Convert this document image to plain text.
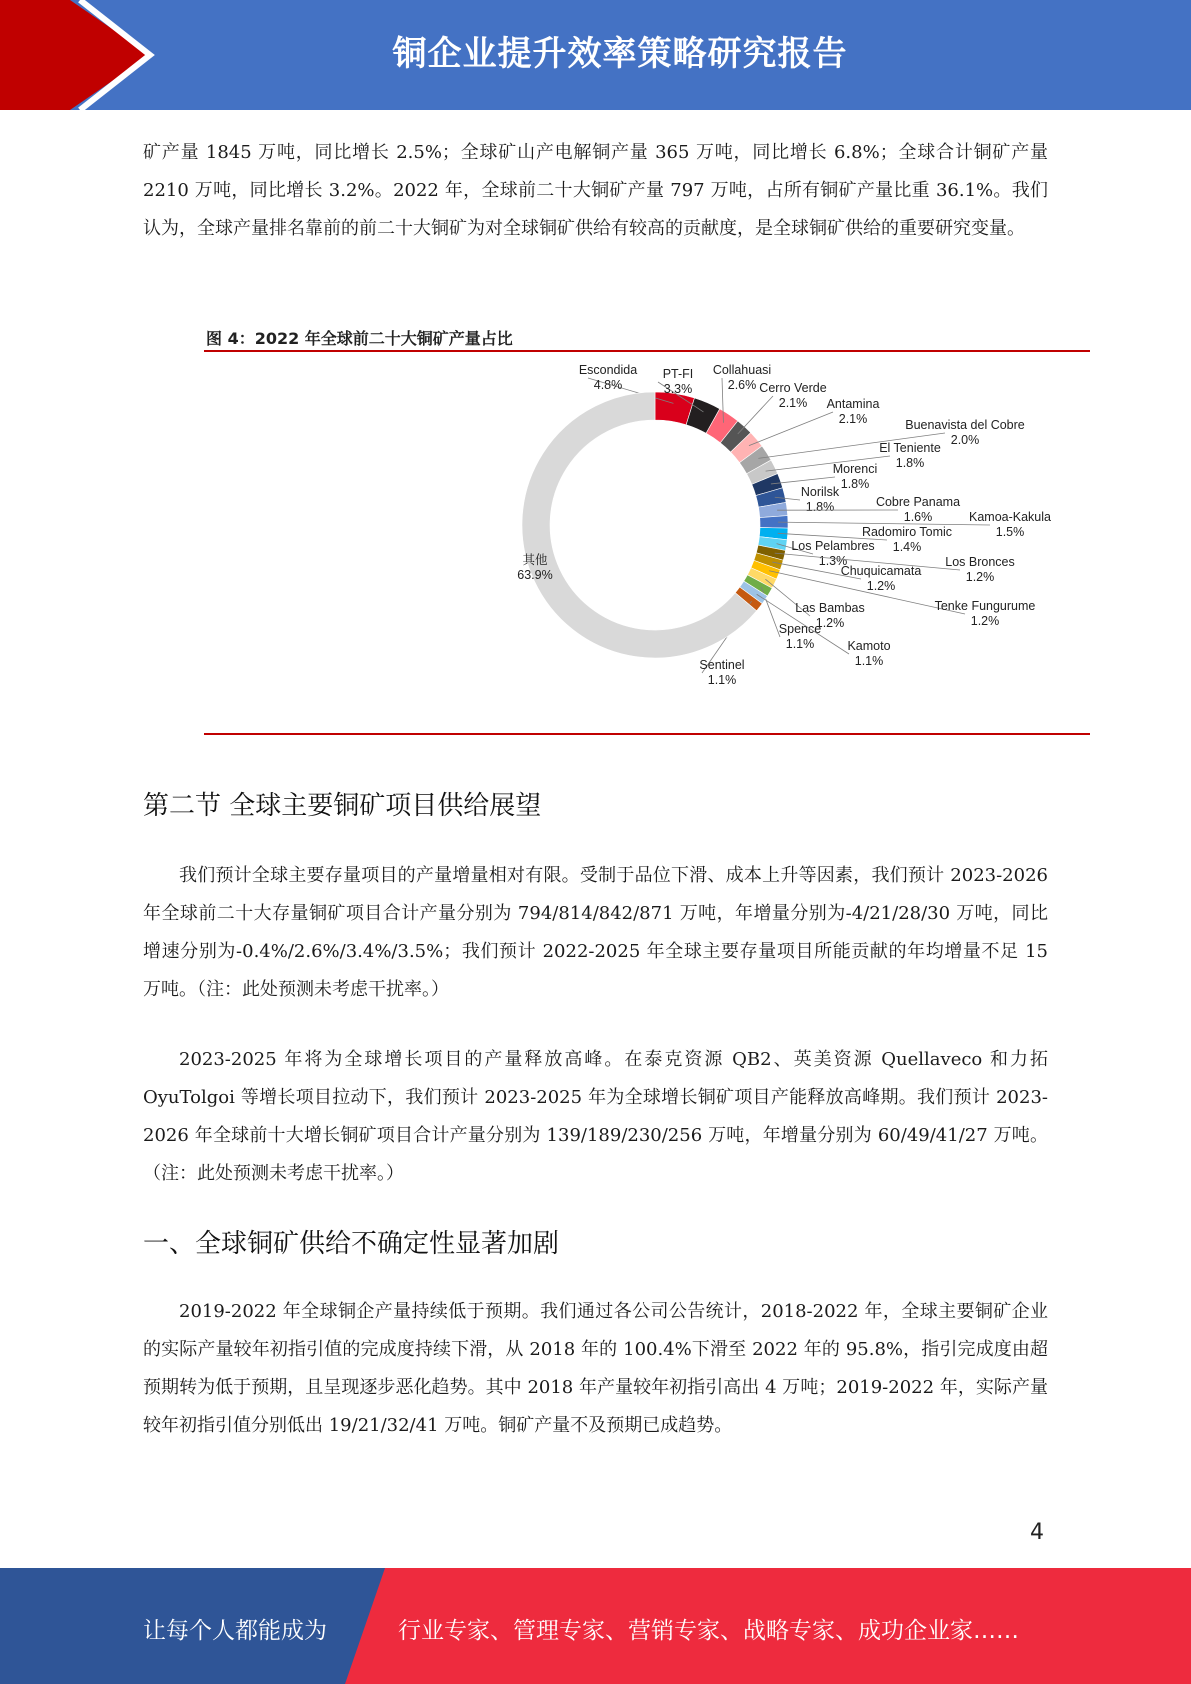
铜企业提升效率策略研究报告

矿产量 1845 万吨，同比增长 2.5%；全球矿山产电解铜产量 365 万吨，同比增长 6.8%；全球合计铜矿产量 2210 万吨，同比增长 3.2%。2022 年，全球前二十大铜矿产量 797 万吨，占所有铜矿产量比重 36.1%。我们认为，全球产量排名靠前的前二十大铜矿为对全球铜矿供给有较高的贡献度，是全球铜矿供给的重要研究变量。

图 4：2022 年全球前二十大铜矿产量占比
Escondida 4.8%
PT-FI 3.3%
Collahuasi 2.6% Cerro Verde 2.1%	Antamina 2.1%	Buenavista del Cobre 2.0%
El Teniente 1.8%
Morenci 1.8%
Norilsk 1.8%	Cobre Panama 1.6%	Kamoa-Kakula 1.5%
Radomiro Tomic 1.4%
Los Pelambres 1.3%	Los Bronces 1.2%
Chuquicamata 1.2%
Tenke Fungurume 1.2%
Las Bambas 1.2%
Spence 1.1%	Kamoto 1.1%
Sentinel 1.1%
其他 63.9%
第二节 全球主要铜矿项目供给展望

我们预计全球主要存量项目的产量增量相对有限。受制于品位下滑、成本上升等因素，我们预计 2023-2026 年全球前二十大存量铜矿项目合计产量分别为 794/814/842/871 万吨，年增量分别为-4/21/28/30 万吨，同比增速分别为-0.4%/2.6%/3.4%/3.5%；我们预计 2022-2025 年全球主要存量项目所能贡献的年均增量不足 15 万吨。（注：此处预测未考虑干扰率。）

2023-2025 年将为全球增长项目的产量释放高峰。在泰克资源 QB2、英美资源 Quellaveco 和力拓 OyuTolgoi 等增长项目拉动下，我们预计 2023-2025 年为全球增长铜矿项目产能释放高峰期。我们预计 2023-2026 年全球前十大增长铜矿项目合计产量分别为 139/189/230/256 万吨，年增量分别为 60/49/41/27 万吨。（注：此处预测未考虑干扰率。）

一、全球铜矿供给不确定性显著加剧

2019-2022 年全球铜企产量持续低于预期。我们通过各公司公告统计，2018-2022 年，全球主要铜矿企业的实际产量较年初指引值的完成度持续下滑，从 2018 年的 100.4%下滑至 2022 年的 95.8%，指引完成度由超预期转为低于预期，且呈现逐步恶化趋势。其中 2018 年产量较年初指引高出 4 万吨；2019-2022 年，实际产量较年初指引值分别低出 19/21/32/41 万吨。铜矿产量不及预期已成趋势。

4
让每个人都能成为	行业专家、管理专家、营销专家、战略专家、成功企业家……
